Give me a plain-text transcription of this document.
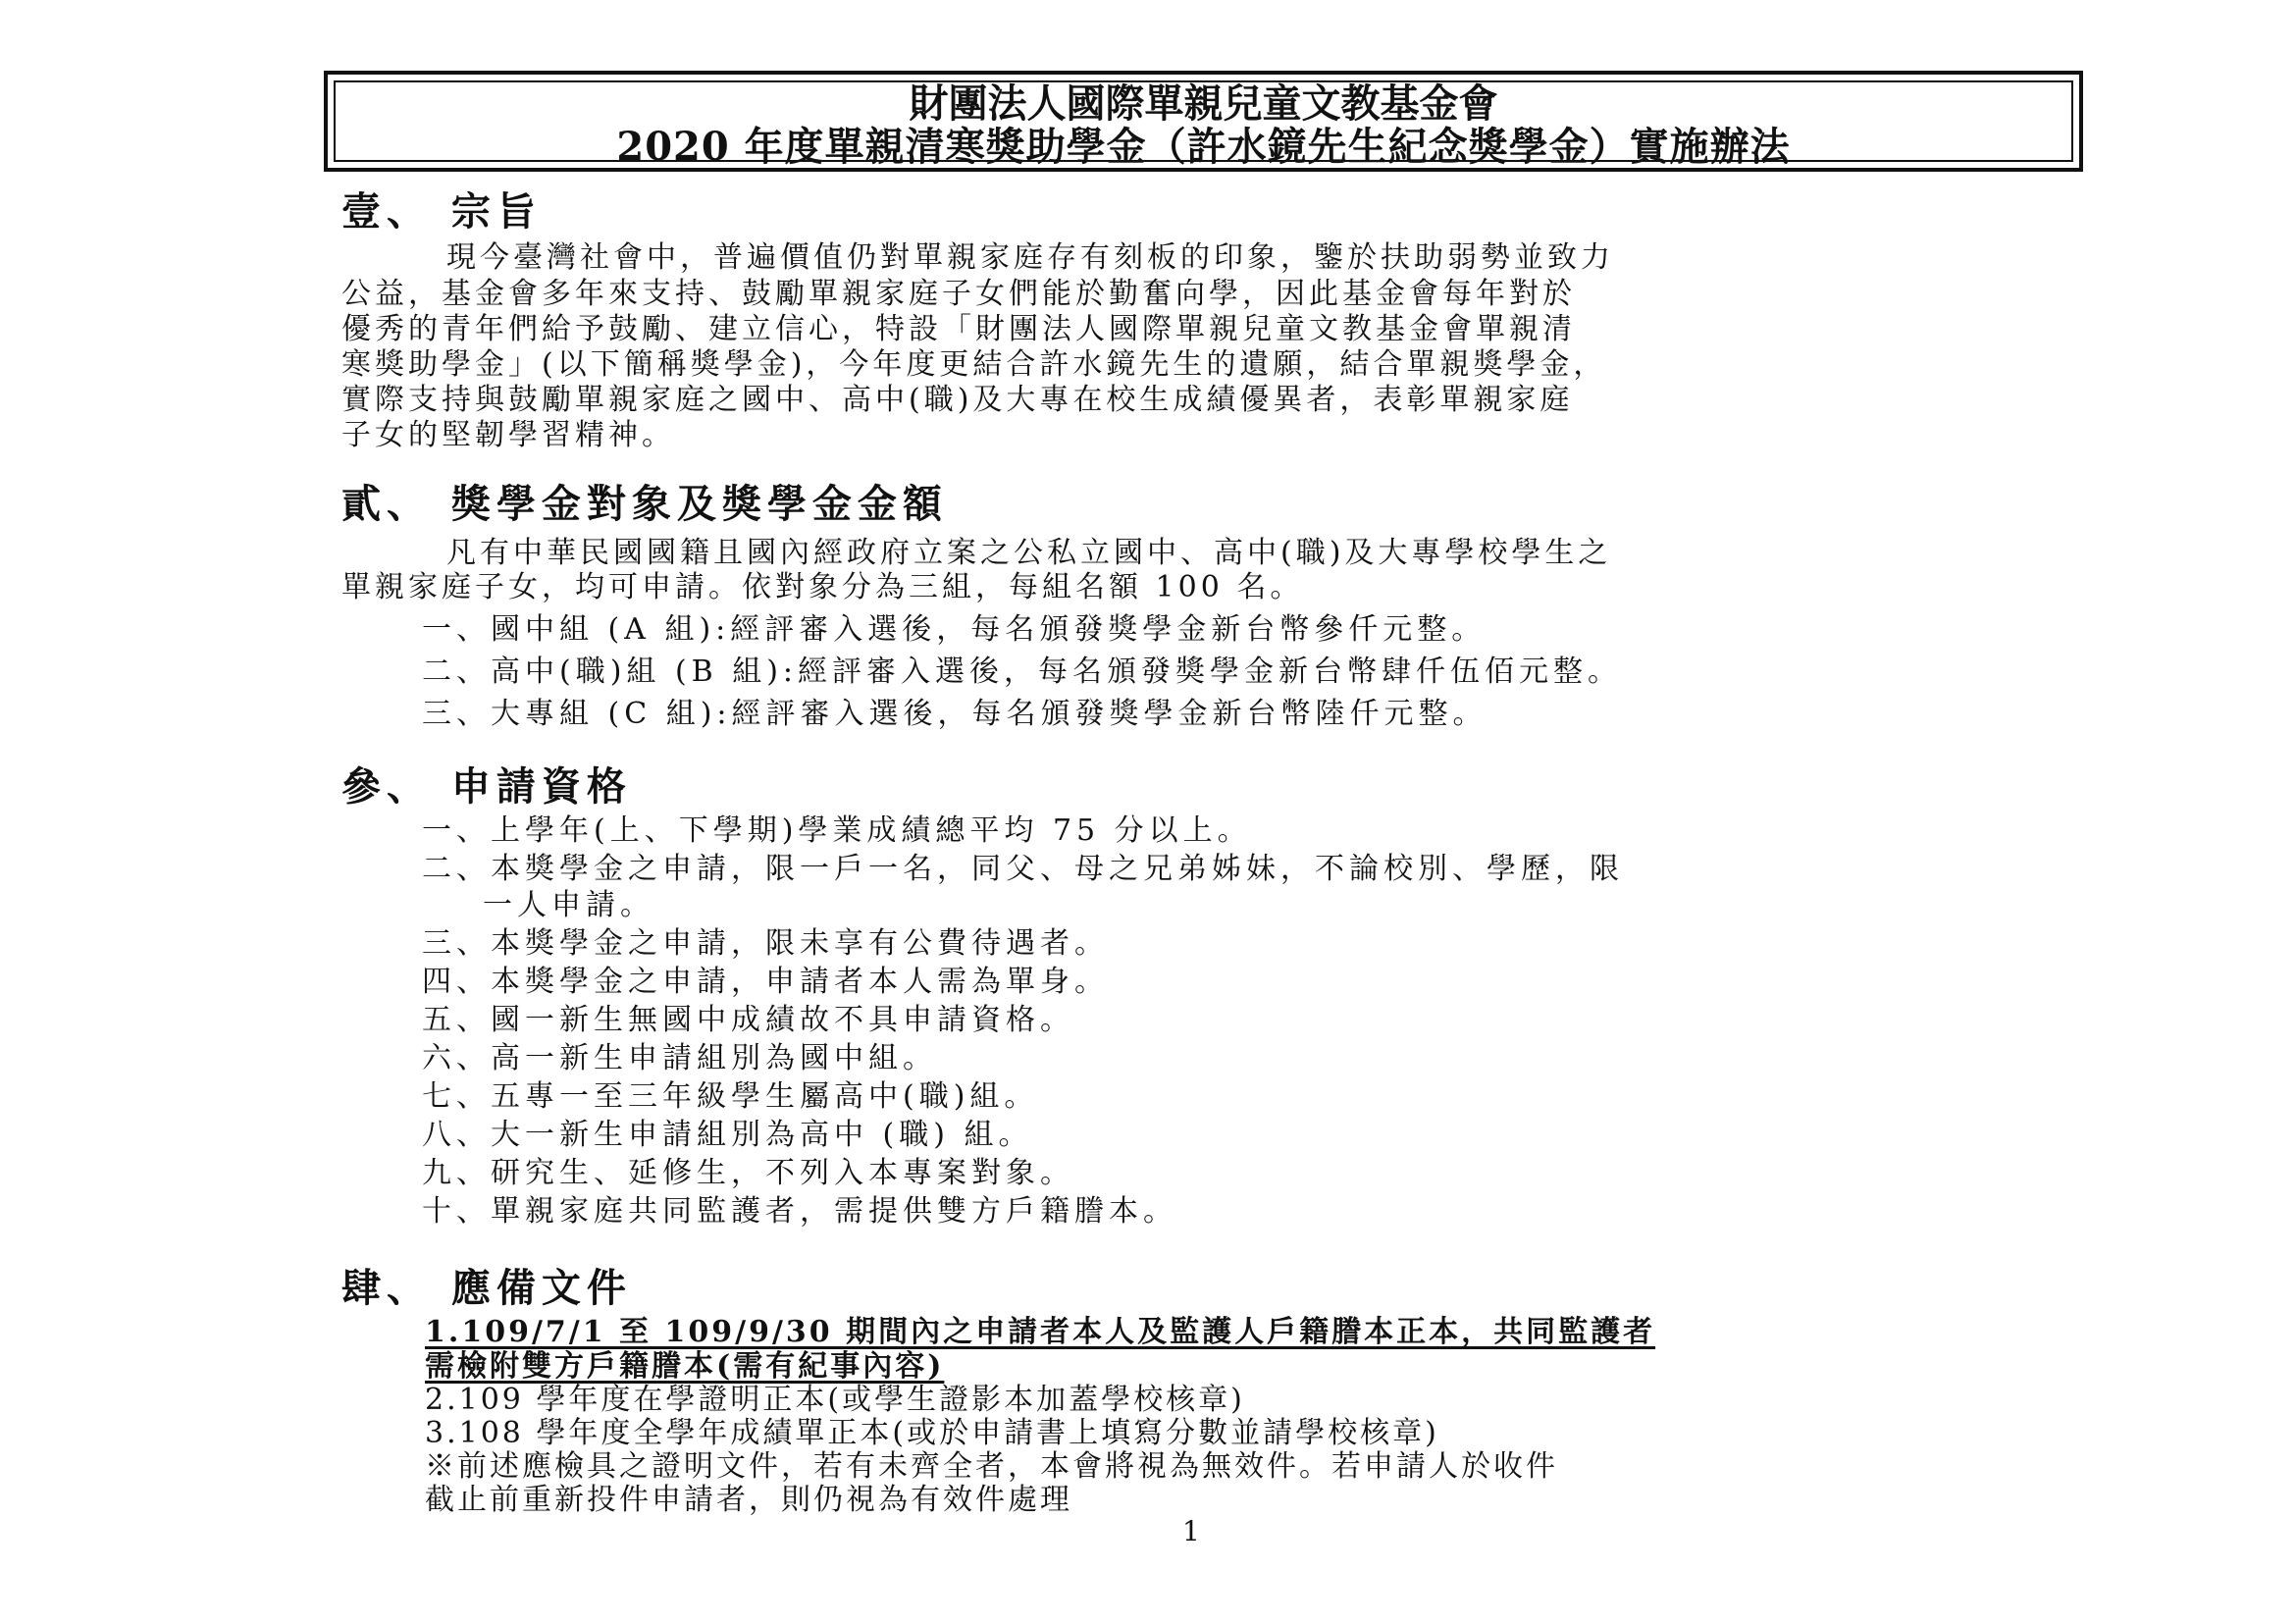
財團法人國際單親兒童文教基金會
2020 年度單親清寒獎助學金（許水鏡先生紀念獎學金）實施辦法
壹、 宗旨
現今臺灣社會中，普遍價值仍對單親家庭存有刻板的印象，鑒於扶助弱勢並致力
公益，基金會多年來支持、鼓勵單親家庭子女們能於勤奮向學，因此基金會每年對於
優秀的青年們給予鼓勵、建立信心，特設「財團法人國際單親兒童文教基金會單親清
寒獎助學金」(以下簡稱獎學金)，今年度更結合許水鏡先生的遺願，結合單親獎學金，
實際支持與鼓勵單親家庭之國中、高中(職)及大專在校生成績優異者，表彰單親家庭
子女的堅韌學習精神。
貳、 獎學金對象及獎學金金額
凡有中華民國國籍且國內經政府立案之公私立國中、高中(職)及大專學校學生之
單親家庭子女，均可申請。依對象分為三組，每組名額 100 名。
一、國中組 (A 組):經評審入選後，每名頒發獎學金新台幣參仟元整。
二、高中(職)組 (B 組):經評審入選後，每名頒發獎學金新台幣肆仟伍佰元整。
三、大專組 (C 組):經評審入選後，每名頒發獎學金新台幣陸仟元整。
參、 申請資格
一、上學年(上、下學期)學業成績總平均 75 分以上。
二、本獎學金之申請，限一戶一名，同父、母之兄弟姊妹，不論校別、學歷，限
一人申請。
三、本獎學金之申請，限未享有公費待遇者。
四、本獎學金之申請，申請者本人需為單身。
五、國一新生無國中成績故不具申請資格。
六、高一新生申請組別為國中組。
七、五專一至三年級學生屬高中(職)組。
八、大一新生申請組別為高中 (職) 組。
九、研究生、延修生，不列入本專案對象。
十、單親家庭共同監護者，需提供雙方戶籍謄本。
肆、 應備文件
1.109/7/1 至 109/9/30 期間內之申請者本人及監護人戶籍謄本正本，共同監護者
需檢附雙方戶籍謄本(需有紀事內容)
2.109 學年度在學證明正本(或學生證影本加蓋學校核章)
3.108 學年度全學年成績單正本(或於申請書上填寫分數並請學校核章)
※前述應檢具之證明文件，若有未齊全者，本會將視為無效件。若申請人於收件
截止前重新投件申請者，則仍視為有效件處理
1
